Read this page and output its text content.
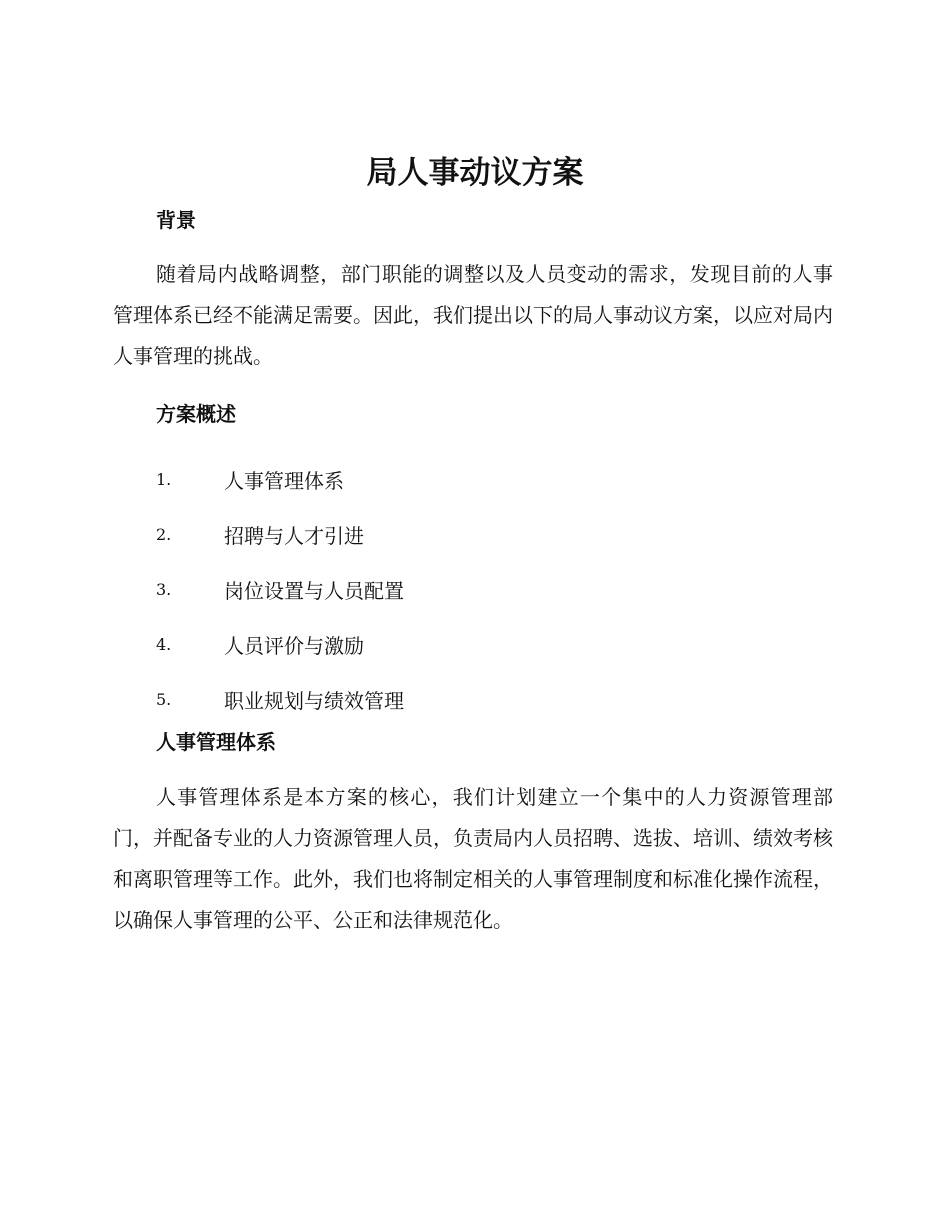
局人事动议方案
背景

随着局内战略调整，部门职能的调整以及人员变动的需求，发现目前的人事管理体系已经不能满足需要。因此，我们提出以下的局人事动议方案，以应对局内人事管理的挑战。

方案概述
1.	人事管理体系
2.	招聘与人才引进
3.	岗位设置与人员配置
4.	人员评价与激励
5.	职业规划与绩效管理
人事管理体系

人事管理体系是本方案的核心，我们计划建立一个集中的人力资源管理部门，并配备专业的人力资源管理人员，负责局内人员招聘、选拔、培训、绩效考核和离职管理等工作。此外，我们也将制定相关的人事管理制度和标准化操作流程，以确保人事管理的公平、公正和法律规范化。
